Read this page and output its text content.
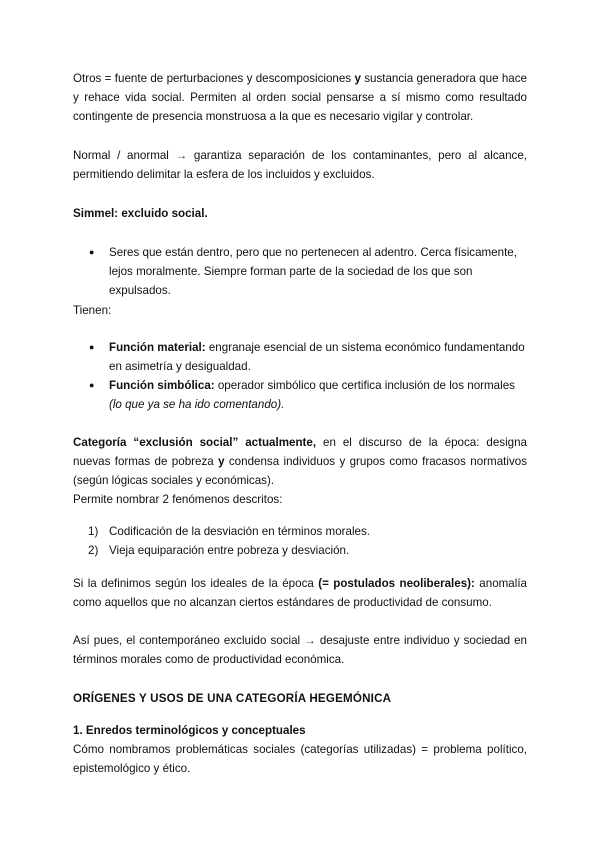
Otros = fuente de perturbaciones y descomposiciones y sustancia generadora que hace y rehace vida social. Permiten al orden social pensarse a sí mismo como resultado contingente de presencia monstruosa a la que es necesario vigilar y controlar.

Normal / anormal → garantiza separación de los contaminantes, pero al alcance, permitiendo delimitar la esfera de los incluidos y excluidos.

Simmel: excluido social.

● Seres que están dentro, pero que no pertenecen al adentro. Cerca físicamente, lejos moralmente. Siempre forman parte de la sociedad de los que son expulsados.

Tienen:

● Función material: engranaje esencial de un sistema económico fundamentando en asimetría y desigualdad.
● Función simbólica: operador simbólico que certifica inclusión de los normales (lo que ya se ha ido comentando).

Categoría “exclusión social” actualmente, en el discurso de la época: designa nuevas formas de pobreza y condensa individuos y grupos como fracasos normativos (según lógicas sociales y económicas).

Permite nombrar 2 fenómenos descritos:

1) Codificación de la desviación en términos morales.
2) Vieja equiparación entre pobreza y desviación.

Si la definimos según los ideales de la época (= postulados neoliberales): anomalía como aquellos que no alcanzan ciertos estándares de productividad de consumo.

Así pues, el contemporáneo excluido social → desajuste entre individuo y sociedad en términos morales como de productividad económica.

ORÍGENES Y USOS DE UNA CATEGORÍA HEGEMÓNICA

1. Enredos terminológicos y conceptuales

Cómo nombramos problemáticas sociales (categorías utilizadas) = problema político, epistemológico y ético.
